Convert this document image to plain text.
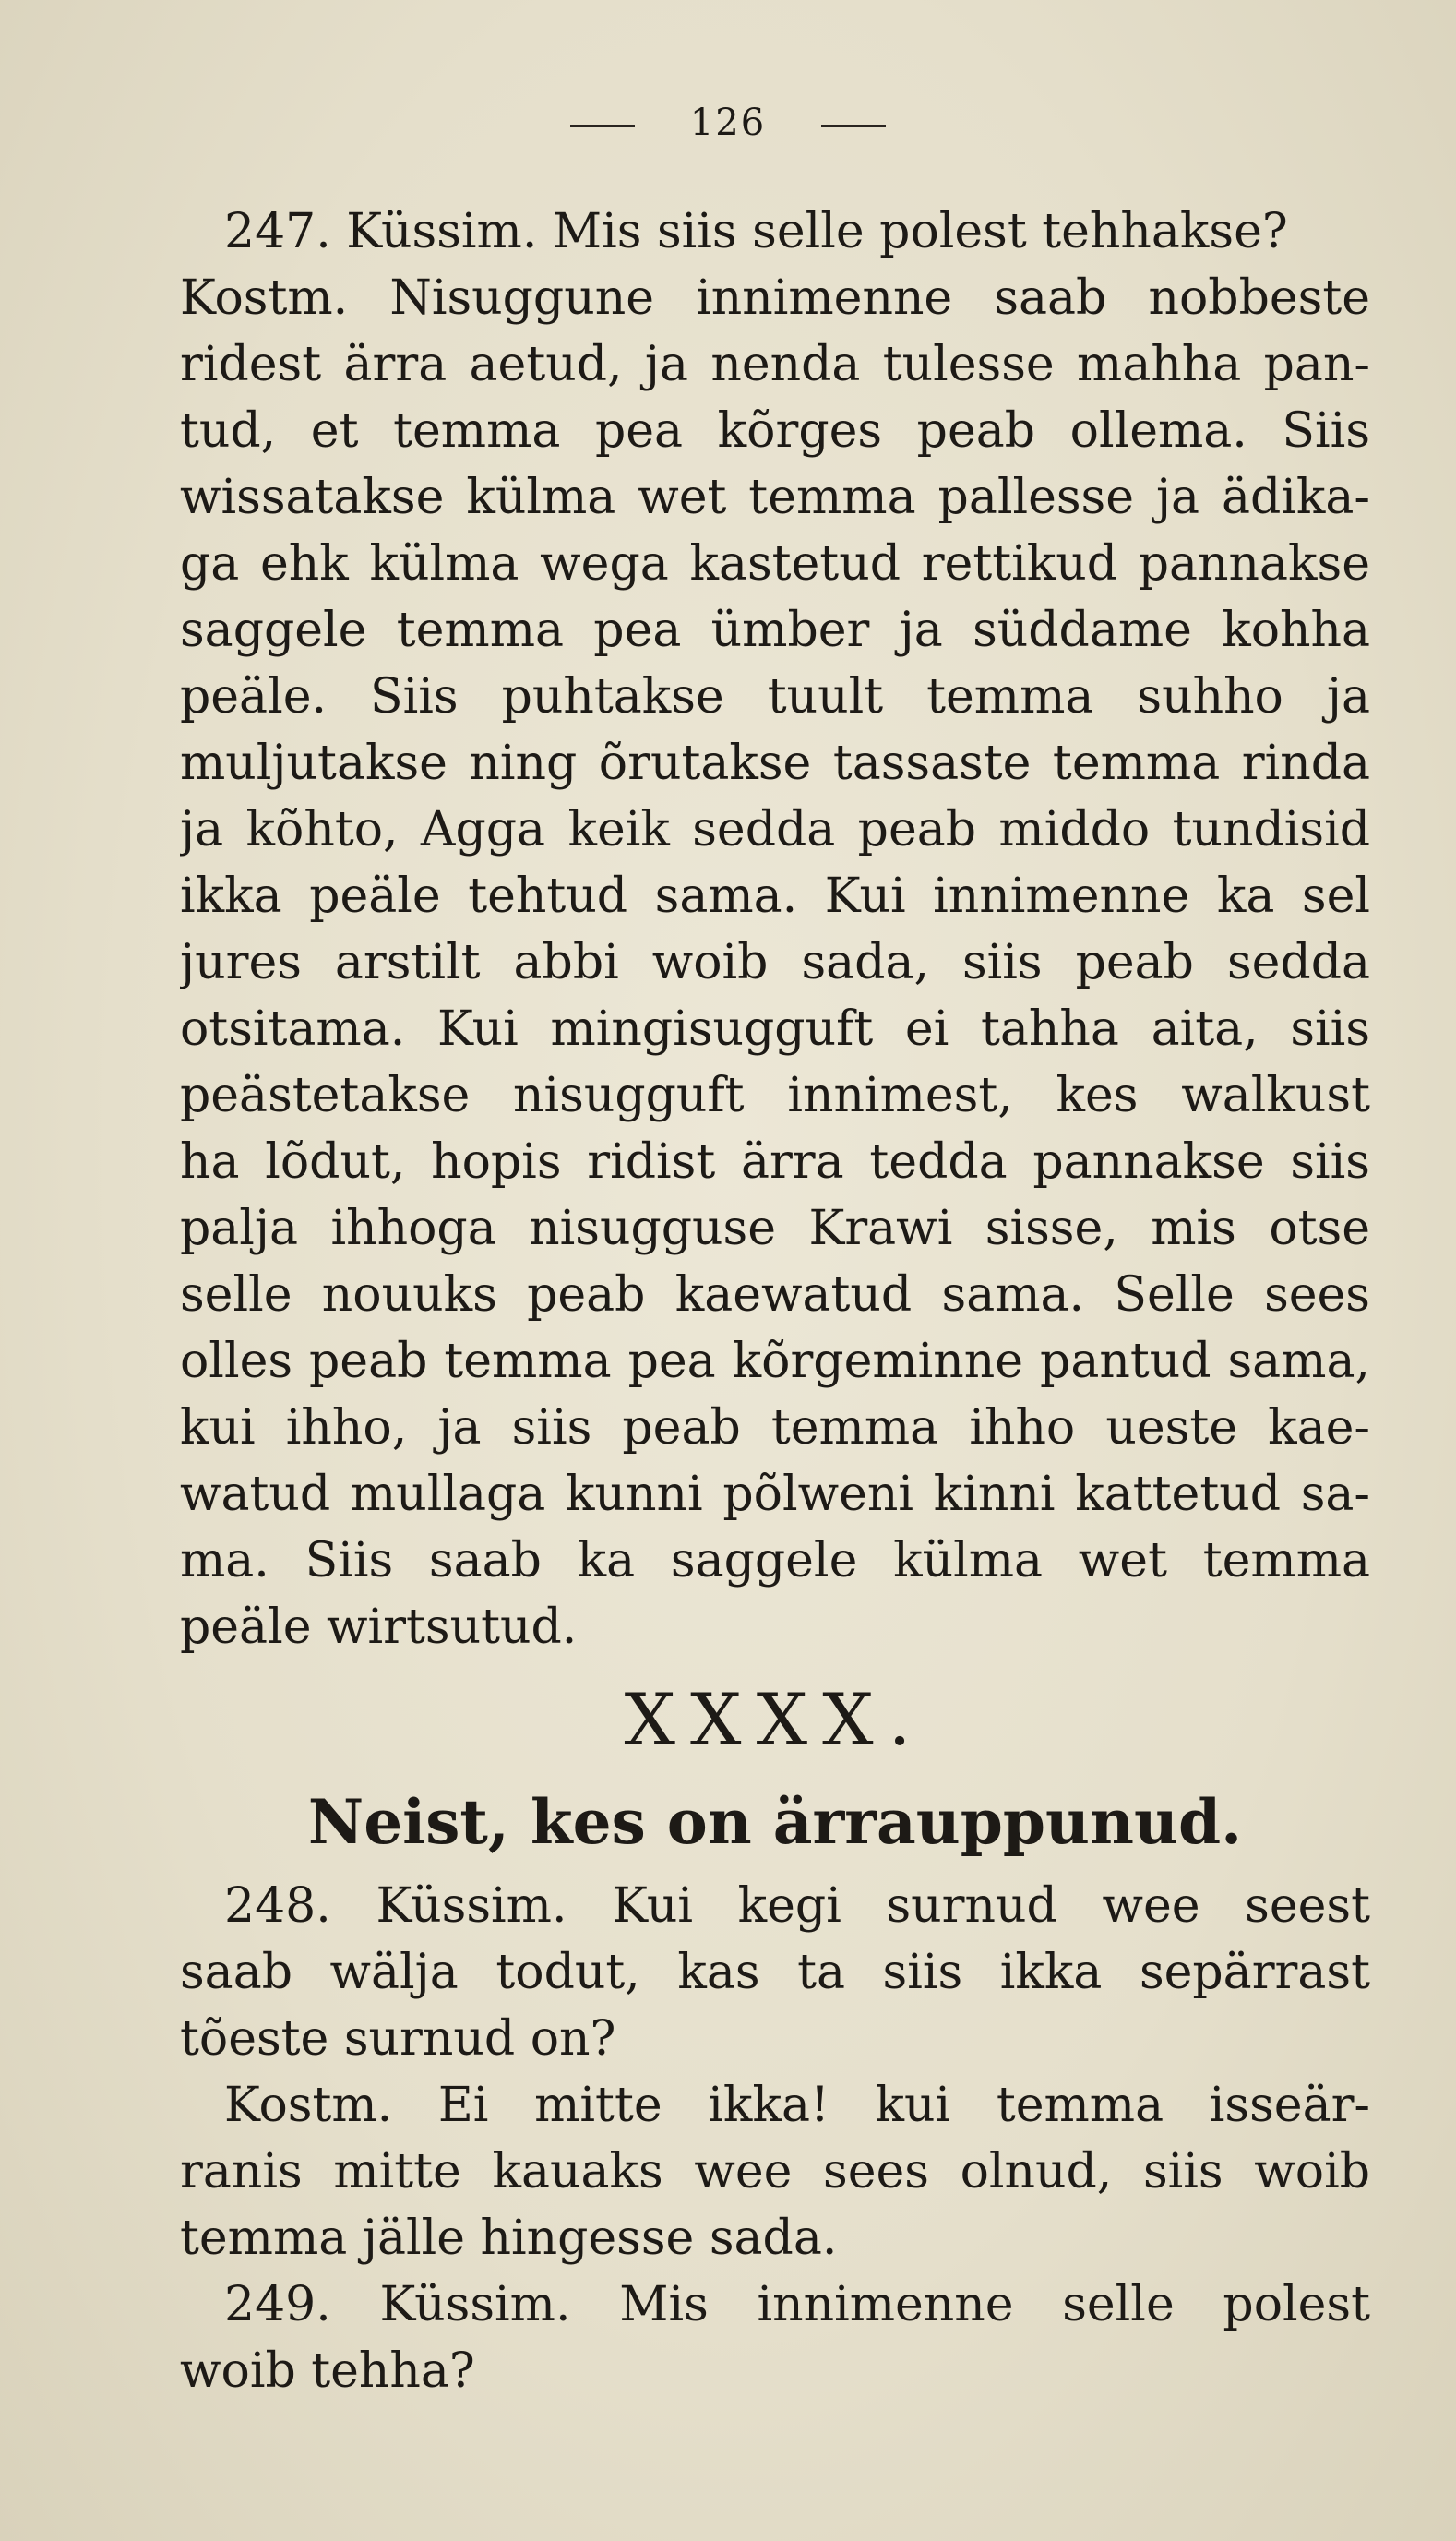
126
247. Küssim. Mis siis selle polest tehhakse?
Kostm. Nisuggune innimenne saab nobbeste
ridest ärra aetud, ja nenda tulesse mahha pan-
tud, et temma pea kõrges peab ollema. Siis
wissatakse külma wet temma pallesse ja ädika-
ga ehk külma wega kastetud rettikud pannakse
saggele temma pea ümber ja süddame kohha
peäle. Siis puhtakse tuult temma suhho ja
muljutakse ning õrutakse tassaste temma rinda
ja kõhto, Agga keik sedda peab middo tundisid
ikka peäle tehtud sama. Kui innimenne ka sel
jures arstilt abbi woib sada, siis peab sedda
otsitama. Kui mingisugguft ei tahha aita, siis
peästetakse nisugguft innimest, kes walkust
ha lõdut, hopis ridist ärra tedda pannakse siis
palja ihhoga nisugguse Krawi sisse, mis otse
selle nouuks peab kaewatud sama. Selle sees
olles peab temma pea kõrgeminne pantud sama,
kui ihho, ja siis peab temma ihho ueste kae-
watud mullaga kunni põlweni kinni kattetud sa-
ma. Siis saab ka saggele külma wet temma
peäle wirtsutud.
XXXX.
Neist, kes on ärrauppunud.
248. Küssim. Kui kegi surnud wee seest
saab wälja todut, kas ta siis ikka sepärrast
tõeste surnud on?
Kostm. Ei mitte ikka! kui temma isseär-
ranis mitte kauaks wee sees olnud, siis woib
temma jälle hingesse sada.
249. Küssim. Mis innimenne selle polest
woib tehha?
